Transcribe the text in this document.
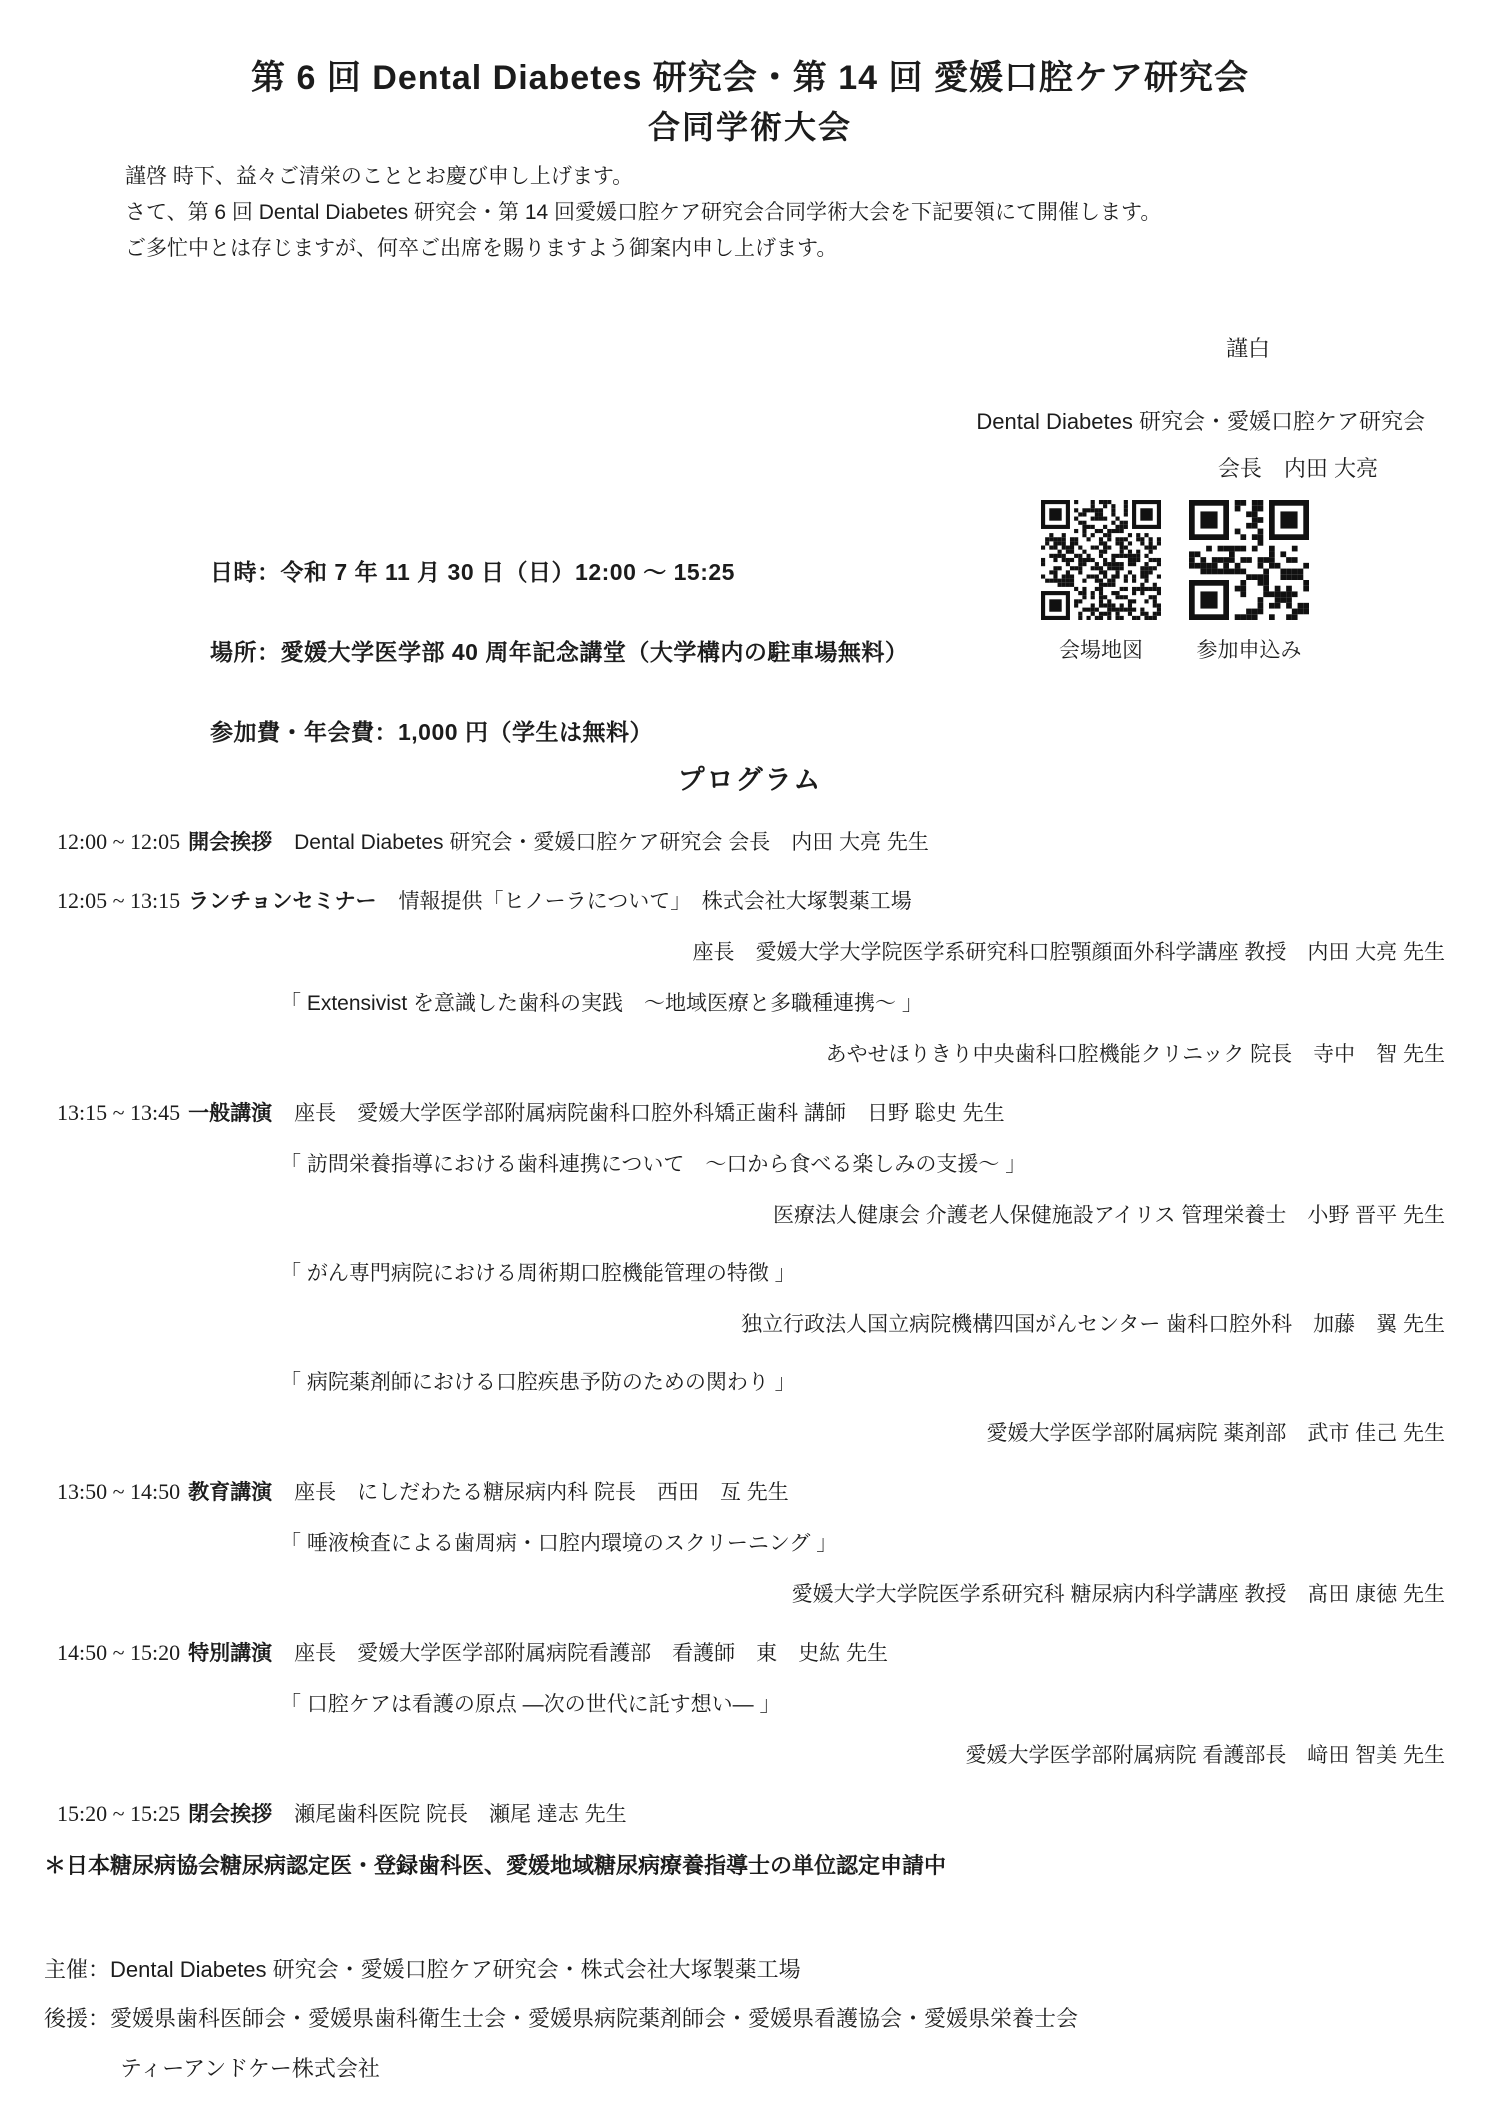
第 6 回 Dental Diabetes 研究会・第 14 回 愛媛口腔ケア研究会
合同学術大会
謹啓 時下、益々ご清栄のこととお慶び申し上げます。
さて、第 6 回 Dental Diabetes 研究会・第 14 回愛媛口腔ケア研究会合同学術大会を下記要領にて開催します。
ご多忙中とは存じますが、何卒ご出席を賜りますよう御案内申し上げます。
謹白
Dental Diabetes 研究会・愛媛口腔ケア研究会
会長　内田 大亮
日時：令和 7 年 11 月 30 日（日）12:00 ～ 15:25
場所：愛媛大学医学部 40 周年記念講堂（大学構内の駐車場無料）
参加費・年会費：1,000 円（学生は無料）
会場地図	参加申込み
プログラム
12:00 ~ 12:05 開会挨拶 Dental Diabetes 研究会・愛媛口腔ケア研究会 会長　内田 大亮 先生
12:05 ~ 13:15 ランチョンセミナー 情報提供「ヒノーラについて」　株式会社大塚製薬工場
座長　愛媛大学大学院医学系研究科口腔顎顔面外科学講座 教授　内田 大亮 先生
「 Extensivist を意識した歯科の実践　～地域医療と多職種連携～ 」
あやせほりきり中央歯科口腔機能クリニック 院長　寺中　智 先生
13:15 ~ 13:45 一般講演 座長　愛媛大学医学部附属病院歯科口腔外科矯正歯科 講師　日野 聡史 先生
「 訪問栄養指導における歯科連携について　～口から食べる楽しみの支援～ 」
医療法人健康会 介護老人保健施設アイリス 管理栄養士　小野 晋平 先生
「 がん専門病院における周術期口腔機能管理の特徴 」
独立行政法人国立病院機構四国がんセンター 歯科口腔外科　加藤　翼 先生
「 病院薬剤師における口腔疾患予防のための関わり 」
愛媛大学医学部附属病院 薬剤部　武市 佳己 先生
13:50 ~ 14:50 教育講演 座長　にしだわたる糖尿病内科 院長　西田　亙 先生
「 唾液検査による歯周病・口腔内環境のスクリーニング 」
愛媛大学大学院医学系研究科 糖尿病内科学講座 教授　髙田 康徳 先生
14:50 ~ 15:20 特別講演 座長　愛媛大学医学部附属病院看護部　看護師　東　史紘 先生
「 口腔ケアは看護の原点 ―次の世代に託す想い― 」
愛媛大学医学部附属病院 看護部長　﨑田 智美 先生
15:20 ~ 15:25 閉会挨拶 瀬尾歯科医院 院長　瀬尾 達志 先生
＊日本糖尿病協会糖尿病認定医・登録歯科医、愛媛地域糖尿病療養指導士の単位認定申請中
主催：Dental Diabetes 研究会・愛媛口腔ケア研究会・株式会社大塚製薬工場
後援：愛媛県歯科医師会・愛媛県歯科衛生士会・愛媛県病院薬剤師会・愛媛県看護協会・愛媛県栄養士会
ティーアンドケー株式会社
